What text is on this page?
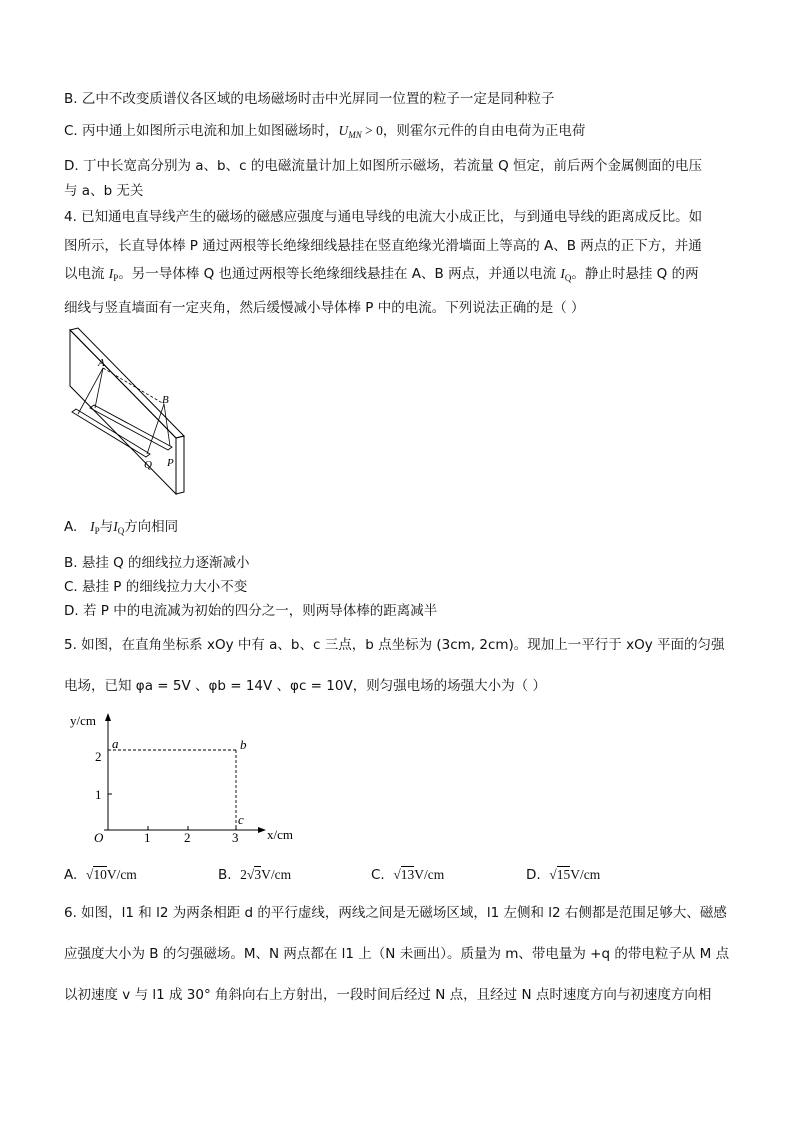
B. 乙中不改变质谱仪各区域的电场磁场时击中光屏同一位置的粒子一定是同种粒子
C. 丙中通上如图所示电流和加上如图磁场时，$U_{MN} > 0$，则霍尔元件的自由电荷为正电荷
D. 丁中长宽高分别为 a、b、c 的电磁流量计加上如图所示磁场，若流量 Q 恒定，前后两个金属侧面的电压
与 a、b 无关
4. 已知通电直导线产生的磁场的磁感应强度与通电导线的电流大小成正比，与到通电导线的距离成反比。如
图所示，长直导体棒 P 通过两根等长绝缘细线悬挂在竖直绝缘光滑墙面上等高的 A、B 两点的正下方，并通
以电流 $I_P$。另一导体棒 Q 也通过两根等长绝缘细线悬挂在 A、B 两点，并通以电流 $I_Q$。静止时悬挂 Q 的两
细线与竖直墙面有一定夹角，然后缓慢减小导体棒 P 中的电流。下列说法正确的是（ ）
A
B
Q P
A. $I_P$与$I_Q$方向相同
B. 悬挂 Q 的细线拉力逐渐减小
C. 悬挂 P 的细线拉力大小不变
D. 若 P 中的电流减为初始的四分之一，则两导体棒的距离减半
5. 如图，在直角坐标系 xOy 中有 a、b、c 三点，b 点坐标为 (3cm, 2cm)。现加上一平行于 xOy 平面的匀强
电场，已知 φa = 5V 、φb = 14V 、φc = 10V，则匀强电场的场强大小为（ ）
y/cm
x/cm
O	1	2	3
1
2
a	b
c
A. √10V/cm	B. 2√3V/cm	C. √13V/cm	D. √15V/cm
6. 如图，l1 和 l2 为两条相距 d 的平行虚线，两线之间是无磁场区域，l1 左侧和 l2 右侧都是范围足够大、磁感
应强度大小为 B 的匀强磁场。M、N 两点都在 l1 上（N 未画出）。质量为 m、带电量为 +q 的带电粒子从 M 点
以初速度 v 与 l1 成 30° 角斜向右上方射出，一段时间后经过 N 点，且经过 N 点时速度方向与初速度方向相
